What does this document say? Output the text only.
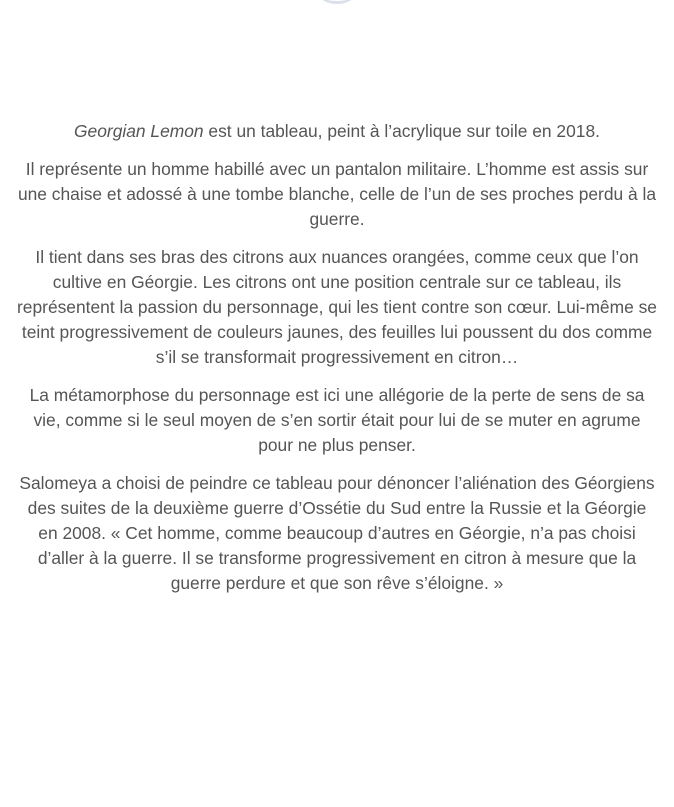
Georgian Lemon est un tableau, peint à l’acrylique sur toile en 2018.

Il représente un homme habillé avec un pantalon militaire. L’homme est assis sur une chaise et adossé à une tombe blanche, celle de l’un de ses proches perdu à la guerre.

Il tient dans ses bras des citrons aux nuances orangées, comme ceux que l’on cultive en Géorgie. Les citrons ont une position centrale sur ce tableau, ils représentent la passion du personnage, qui les tient contre son cœur. Lui-même se teint progressivement de couleurs jaunes, des feuilles lui poussent du dos comme s’il se transformait progressivement en citron…

La métamorphose du personnage est ici une allégorie de la perte de sens de sa vie, comme si le seul moyen de s’en sortir était pour lui de se muter en agrume pour ne plus penser.

Salomeya a choisi de peindre ce tableau pour dénoncer l’aliénation des Géorgiens des suites de la deuxième guerre d’Ossétie du Sud entre la Russie et la Géorgie en 2008. « Cet homme, comme beaucoup d’autres en Géorgie, n’a pas choisi d’aller à la guerre. Il se transforme progressivement en citron à mesure que la guerre perdure et que son rêve s’éloigne. »
